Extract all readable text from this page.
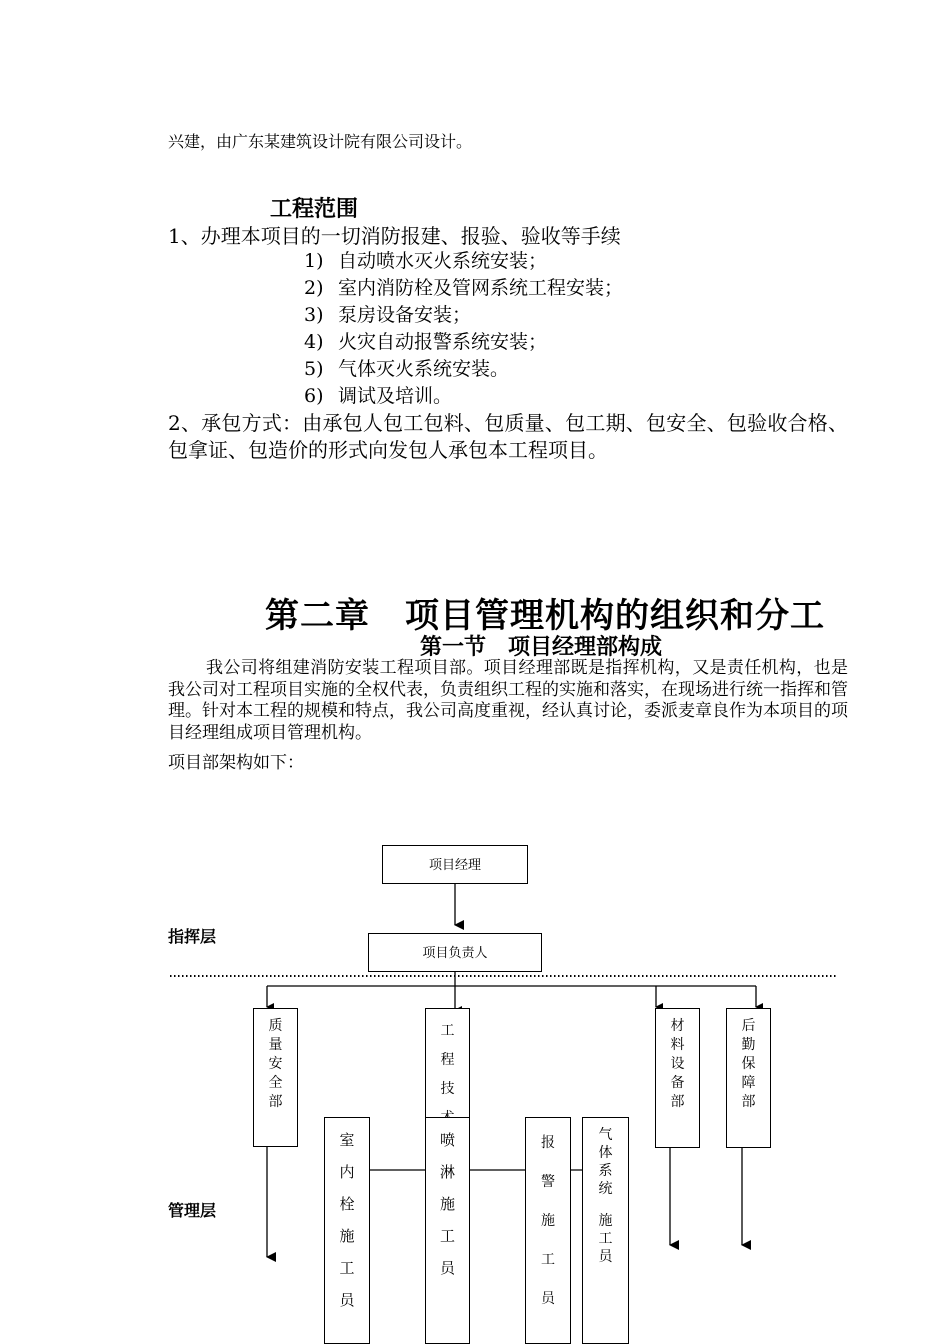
兴建，由广东某建筑设计院有限公司设计。
工程范围
1、办理本项目的一切消防报建、报验、验收等手续
1) 自动喷水灭火系统安装；
2) 室内消防栓及管网系统工程安装；
3) 泵房设备安装；
4) 火灾自动报警系统安装；
5) 气体灭火系统安装。
6) 调试及培训。
2、承包方式：由承包人包工包料、包质量、包工期、包安全、包验收合格、包拿证、包造价的形式向发包人承包本工程项目。
第二章　项目管理机构的组织和分工
第一节　项目经理部构成
我公司将组建消防安装工程项目部。项目经理部既是指挥机构，又是责任机构，也是我公司对工程项目实施的全权代表，负责组织工程的实施和落实，在现场进行统一指挥和管理。针对本工程的规模和特点，我公司高度重视，经认真讨论，委派麦章良作为本项目的项目经理组成项目管理机构。
项目部架构如下：
指挥层
管理层
项目经理
项目负责人
质量安全部
工程技
材料设备部
后勤保障部
室内栓施工员
喷淋施工员
报警施工员
气体系统
施工员
